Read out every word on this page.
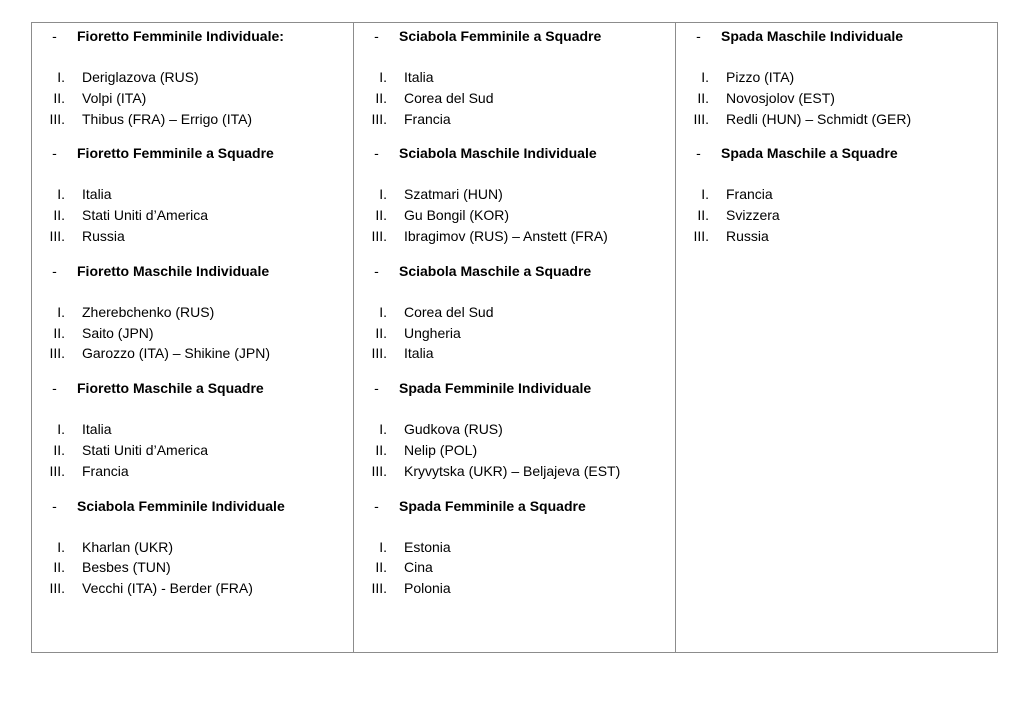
-	Fioretto Femminile Individuale:
I.	Deriglazova (RUS)
II.	Volpi (ITA)
III.	Thibus (FRA) – Errigo (ITA)
-	Fioretto Femminile a Squadre
I.	Italia
II.	Stati Uniti d’America
III.	Russia
-	Fioretto Maschile Individuale
I.	Zherebchenko (RUS)
II.	Saito (JPN)
III.	Garozzo (ITA) – Shikine (JPN)
-	Fioretto Maschile a Squadre
I.	Italia
II.	Stati Uniti d’America
III.	Francia
-	Sciabola Femminile Individuale
I.	Kharlan (UKR)
II.	Besbes (TUN)
III.	Vecchi (ITA) - Berder (FRA)
-	Sciabola Femminile a Squadre
I.	Italia
II.	Corea del Sud
III.	Francia
-	Sciabola Maschile Individuale
I.	Szatmari (HUN)
II.	Gu Bongil (KOR)
III.	Ibragimov (RUS) – Anstett (FRA)
-	Sciabola Maschile a Squadre
I.	Corea del Sud
II.	Ungheria
III.	Italia
-	Spada Femminile Individuale
I.	Gudkova (RUS)
II.	Nelip (POL)
III.	Kryvytska (UKR) – Beljajeva (EST)
-	Spada Femminile a Squadre
I.	Estonia
II.	Cina
III.	Polonia
-	Spada Maschile Individuale
I.	Pizzo (ITA)
II.	Novosjolov (EST)
III.	Redli (HUN) – Schmidt (GER)
-	Spada Maschile a Squadre
I.	Francia
II.	Svizzera
III.	Russia
